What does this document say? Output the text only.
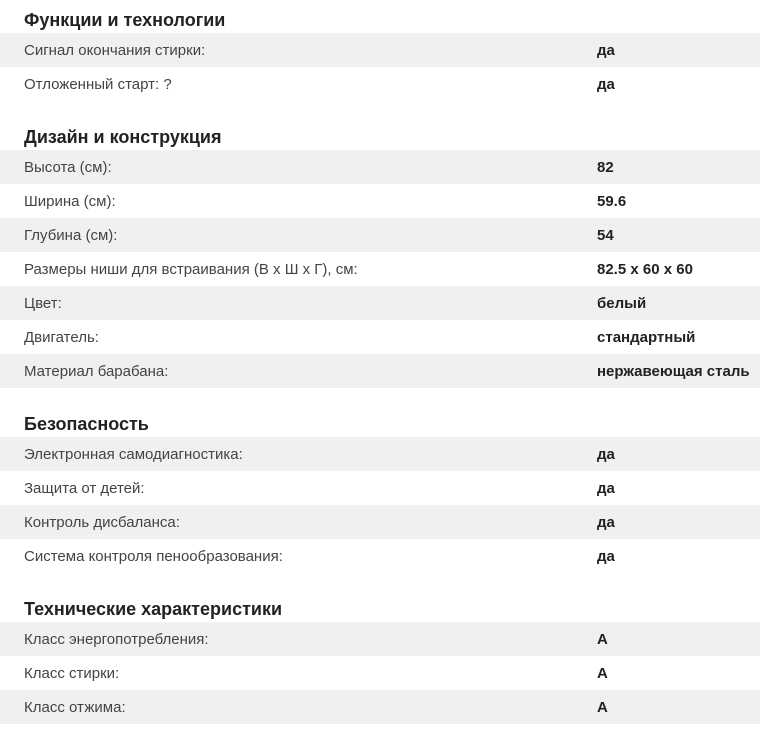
Функции и технологии
Сигнал окончания стирки:	да
Отложенный старт: ?	да
Дизайн и конструкция
Высота (см):	82
Ширина (см):	59.6
Глубина (см):	54
Размеры ниши для встраивания (В х Ш х Г), см:	82.5 x 60 x 60
Цвет:	белый
Двигатель:	стандартный
Материал барабана:	нержавеющая сталь
Безопасность
Электронная самодиагностика:	да
Защита от детей:	да
Контроль дисбаланса:	да
Система контроля пенообразования:	да
Технические характеристики
Класс энергопотребления:	A
Класс стирки:	A
Класс отжима:	A
